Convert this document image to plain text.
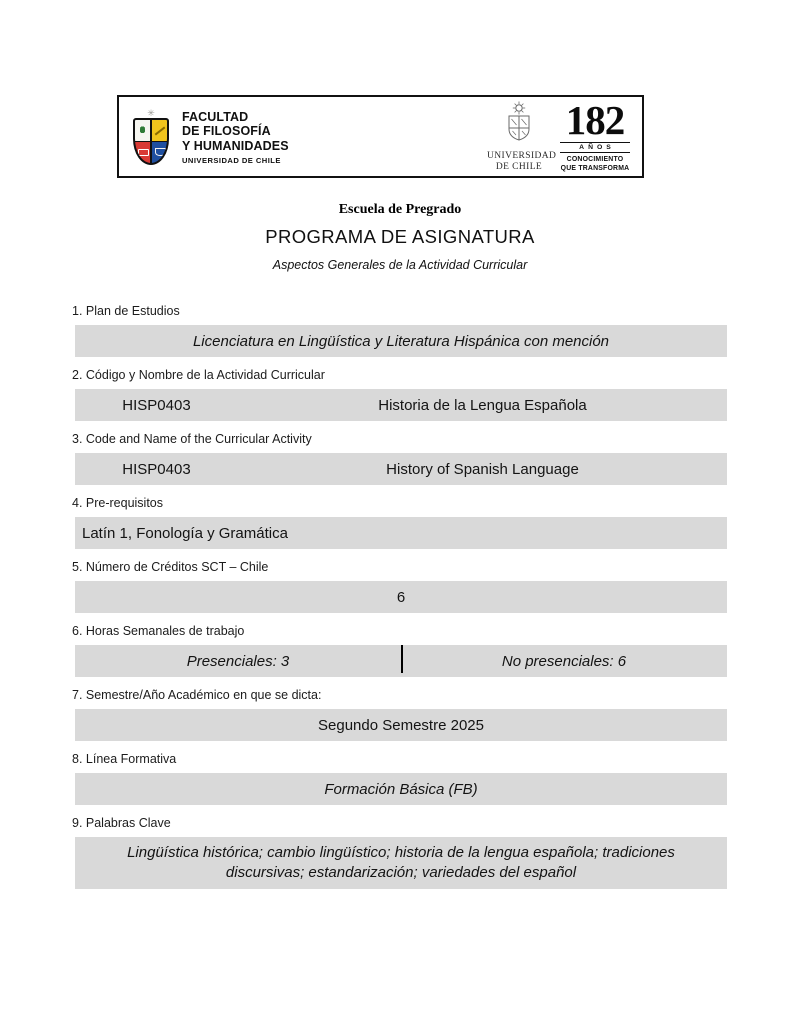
✳ FACULTAD
DE FILOSOFÍA
Y HUMANIDADES
UNIVERSIDAD DE CHILE	UNIVERSIDAD
DE CHILE
182
AÑOS
CONOCIMIENTO
QUE TRANSFORMA
Escuela de Pregrado
PROGRAMA DE ASIGNATURA
Aspectos Generales de la Actividad Curricular
1. Plan de Estudios
Licenciatura en Lingüística y Literatura Hispánica con mención
2. Código y Nombre de la Actividad Curricular
HISP0403	Historia de la Lengua Española
3. Code and Name of the Curricular Activity
HISP0403	History of Spanish Language
4. Pre-requisitos
Latín 1, Fonología y Gramática
5. Número de Créditos SCT – Chile
6
6. Horas Semanales de trabajo
Presenciales: 3	No presenciales: 6
7. Semestre/Año Académico en que se dicta:
Segundo Semestre 2025
8. Línea Formativa
Formación Básica (FB)
9. Palabras Clave
Lingüística histórica; cambio lingüístico; historia de la lengua española; tradiciones discursivas; estandarización; variedades del español
